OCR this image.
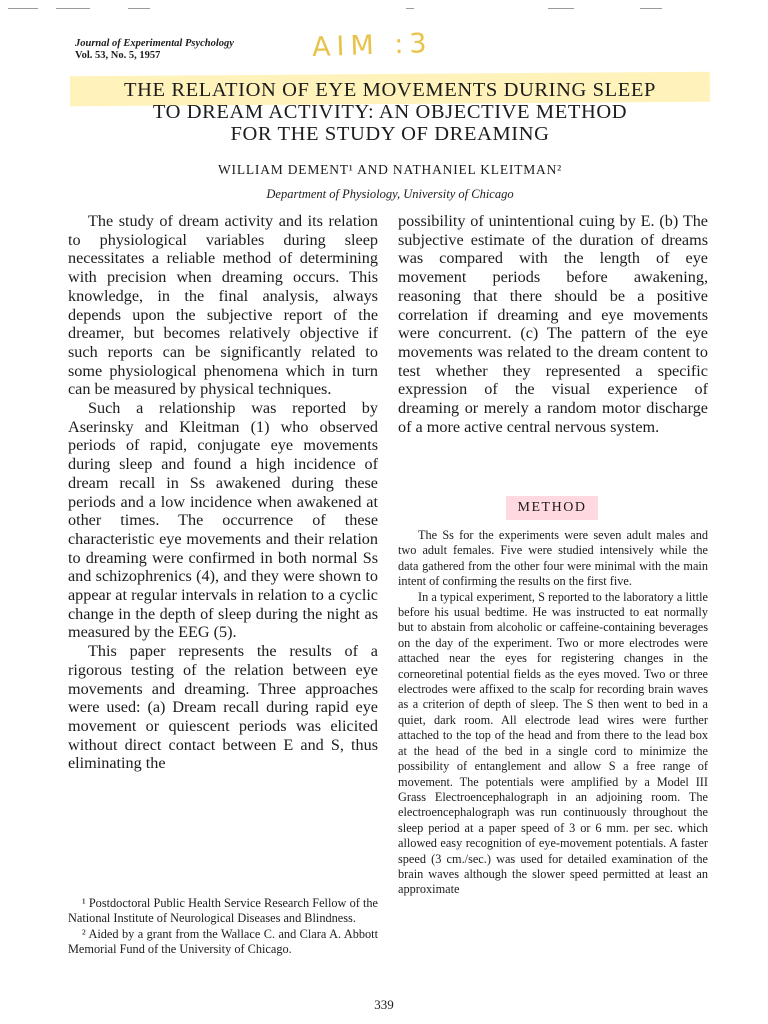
Journal of Experimental Psychology
Vol. 53, No. 5, 1957	AIM :3
THE RELATION OF EYE MOVEMENTS DURING SLEEP
TO DREAM ACTIVITY: AN OBJECTIVE METHOD
FOR THE STUDY OF DREAMING
WILLIAM DEMENT¹ AND NATHANIEL KLEITMAN²
Department of Physiology, University of Chicago

The study of dream activity and its relation to physiological variables during sleep necessitates a reliable method of determining with precision when dreaming occurs. This knowledge, in the final analysis, always depends upon the subjective report of the dreamer, but becomes relatively objective if such reports can be significantly related to some physiological phenomena which in turn can be measured by physical techniques.

Such a relationship was reported by Aserinsky and Kleitman (1) who observed periods of rapid, conjugate eye movements during sleep and found a high incidence of dream recall in Ss awakened during these periods and a low incidence when awakened at other times. The occurrence of these characteristic eye movements and their relation to dreaming were confirmed in both normal Ss and schizophrenics (4), and they were shown to appear at regular intervals in relation to a cyclic change in the depth of sleep during the night as measured by the EEG (5).

This paper represents the results of a rigorous testing of the relation between eye movements and dreaming. Three approaches were used: (a) Dream recall during rapid eye movement or quiescent periods was elicited without direct contact between E and S, thus eliminating the

possibility of unintentional cuing by E. (b) The subjective estimate of the duration of dreams was compared with the length of eye movement periods before awakening, reasoning that there should be a positive correlation if dreaming and eye movements were concurrent. (c) The pattern of the eye movements was related to the dream content to test whether they represented a specific expression of the visual experience of dreaming or merely a random motor discharge of a more active central nervous system.

METHOD

The Ss for the experiments were seven adult males and two adult females. Five were studied intensively while the data gathered from the other four were minimal with the main intent of confirming the results on the first five.

In a typical experiment, S reported to the laboratory a little before his usual bedtime. He was instructed to eat normally but to abstain from alcoholic or caffeine-containing beverages on the day of the experiment. Two or more electrodes were attached near the eyes for registering changes in the corneoretinal potential fields as the eyes moved. Two or three electrodes were affixed to the scalp for recording brain waves as a criterion of depth of sleep. The S then went to bed in a quiet, dark room. All electrode lead wires were further attached to the top of the head and from there to the lead box at the head of the bed in a single cord to minimize the possibility of entanglement and allow S a free range of movement. The potentials were amplified by a Model III Grass Electroencephalograph in an adjoining room. The electroencephalograph was run continuously throughout the sleep period at a paper speed of 3 or 6 mm. per sec. which allowed easy recognition of eye-movement potentials. A faster speed (3 cm./sec.) was used for detailed examination of the brain waves although the slower speed permitted at least an approximate

¹ Postdoctoral Public Health Service Research Fellow of the National Institute of Neurological Diseases and Blindness.

² Aided by a grant from the Wallace C. and Clara A. Abbott Memorial Fund of the University of Chicago.

339
